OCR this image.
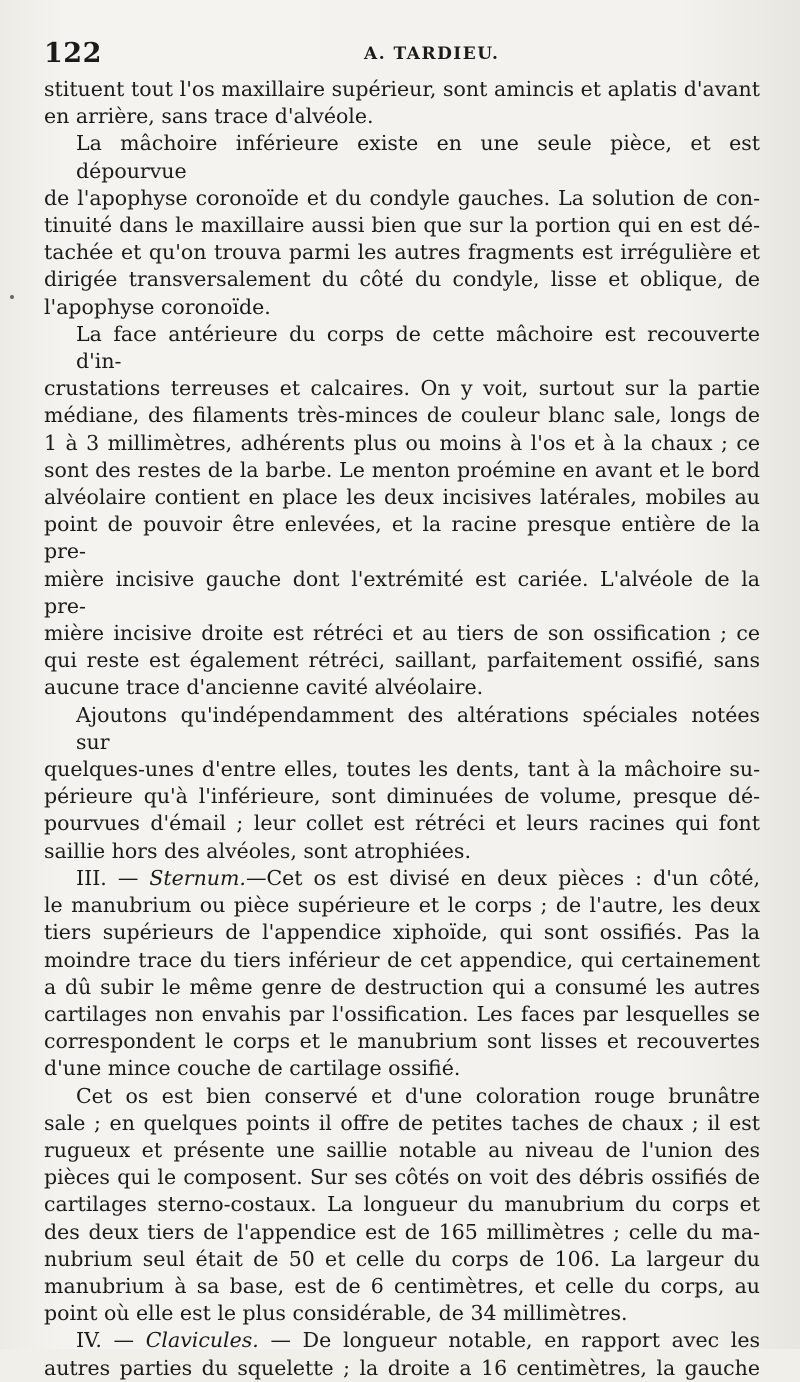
122	A. TARDIEU.

stituent tout l'os maxillaire supérieur, sont amincis et aplatis d'avant

en arrière, sans trace d'alvéole.

La mâchoire inférieure existe en une seule pièce, et est dépourvue

de l'apophyse coronoïde et du condyle gauches. La solution de con-

tinuité dans le maxillaire aussi bien que sur la portion qui en est dé-

tachée et qu'on trouva parmi les autres fragments est irrégulière et

dirigée transversalement du côté du condyle, lisse et oblique, de

l'apophyse coronoïde.

La face antérieure du corps de cette mâchoire est recouverte d'in-

crustations terreuses et calcaires. On y voit, surtout sur la partie

médiane, des filaments très-minces de couleur blanc sale, longs de

1 à 3 millimètres, adhérents plus ou moins à l'os et à la chaux ; ce

sont des restes de la barbe. Le menton proémine en avant et le bord

alvéolaire contient en place les deux incisives latérales, mobiles au

point de pouvoir être enlevées, et la racine presque entière de la pre-

mière incisive gauche dont l'extrémité est cariée. L'alvéole de la pre-

mière incisive droite est rétréci et au tiers de son ossification ; ce

qui reste est également rétréci, saillant, parfaitement ossifié, sans

aucune trace d'ancienne cavité alvéolaire.

Ajoutons qu'indépendamment des altérations spéciales notées sur

quelques-unes d'entre elles, toutes les dents, tant à la mâchoire su-

périeure qu'à l'inférieure, sont diminuées de volume, presque dé-

pourvues d'émail ; leur collet est rétréci et leurs racines qui font

saillie hors des alvéoles, sont atrophiées.

III. — Sternum.—Cet os est divisé en deux pièces : d'un côté,

le manubrium ou pièce supérieure et le corps ; de l'autre, les deux

tiers supérieurs de l'appendice xiphoïde, qui sont ossifiés. Pas la

moindre trace du tiers inférieur de cet appendice, qui certainement

a dû subir le même genre de destruction qui a consumé les autres

cartilages non envahis par l'ossification. Les faces par lesquelles se

correspondent le corps et le manubrium sont lisses et recouvertes

d'une mince couche de cartilage ossifié.

Cet os est bien conservé et d'une coloration rouge brunâtre

sale ; en quelques points il offre de petites taches de chaux ; il est

rugueux et présente une saillie notable au niveau de l'union des

pièces qui le composent. Sur ses côtés on voit des débris ossifiés de

cartilages sterno-costaux. La longueur du manubrium du corps et

des deux tiers de l'appendice est de 165 millimètres ; celle du ma-

nubrium seul était de 50 et celle du corps de 106. La largeur du

manubrium à sa base, est de 6 centimètres, et celle du corps, au

point où elle est le plus considérable, de 34 millimètres.

IV. — Clavicules. — De longueur notable, en rapport avec les

autres parties du squelette ; la droite a 16 centimètres, la gauche
